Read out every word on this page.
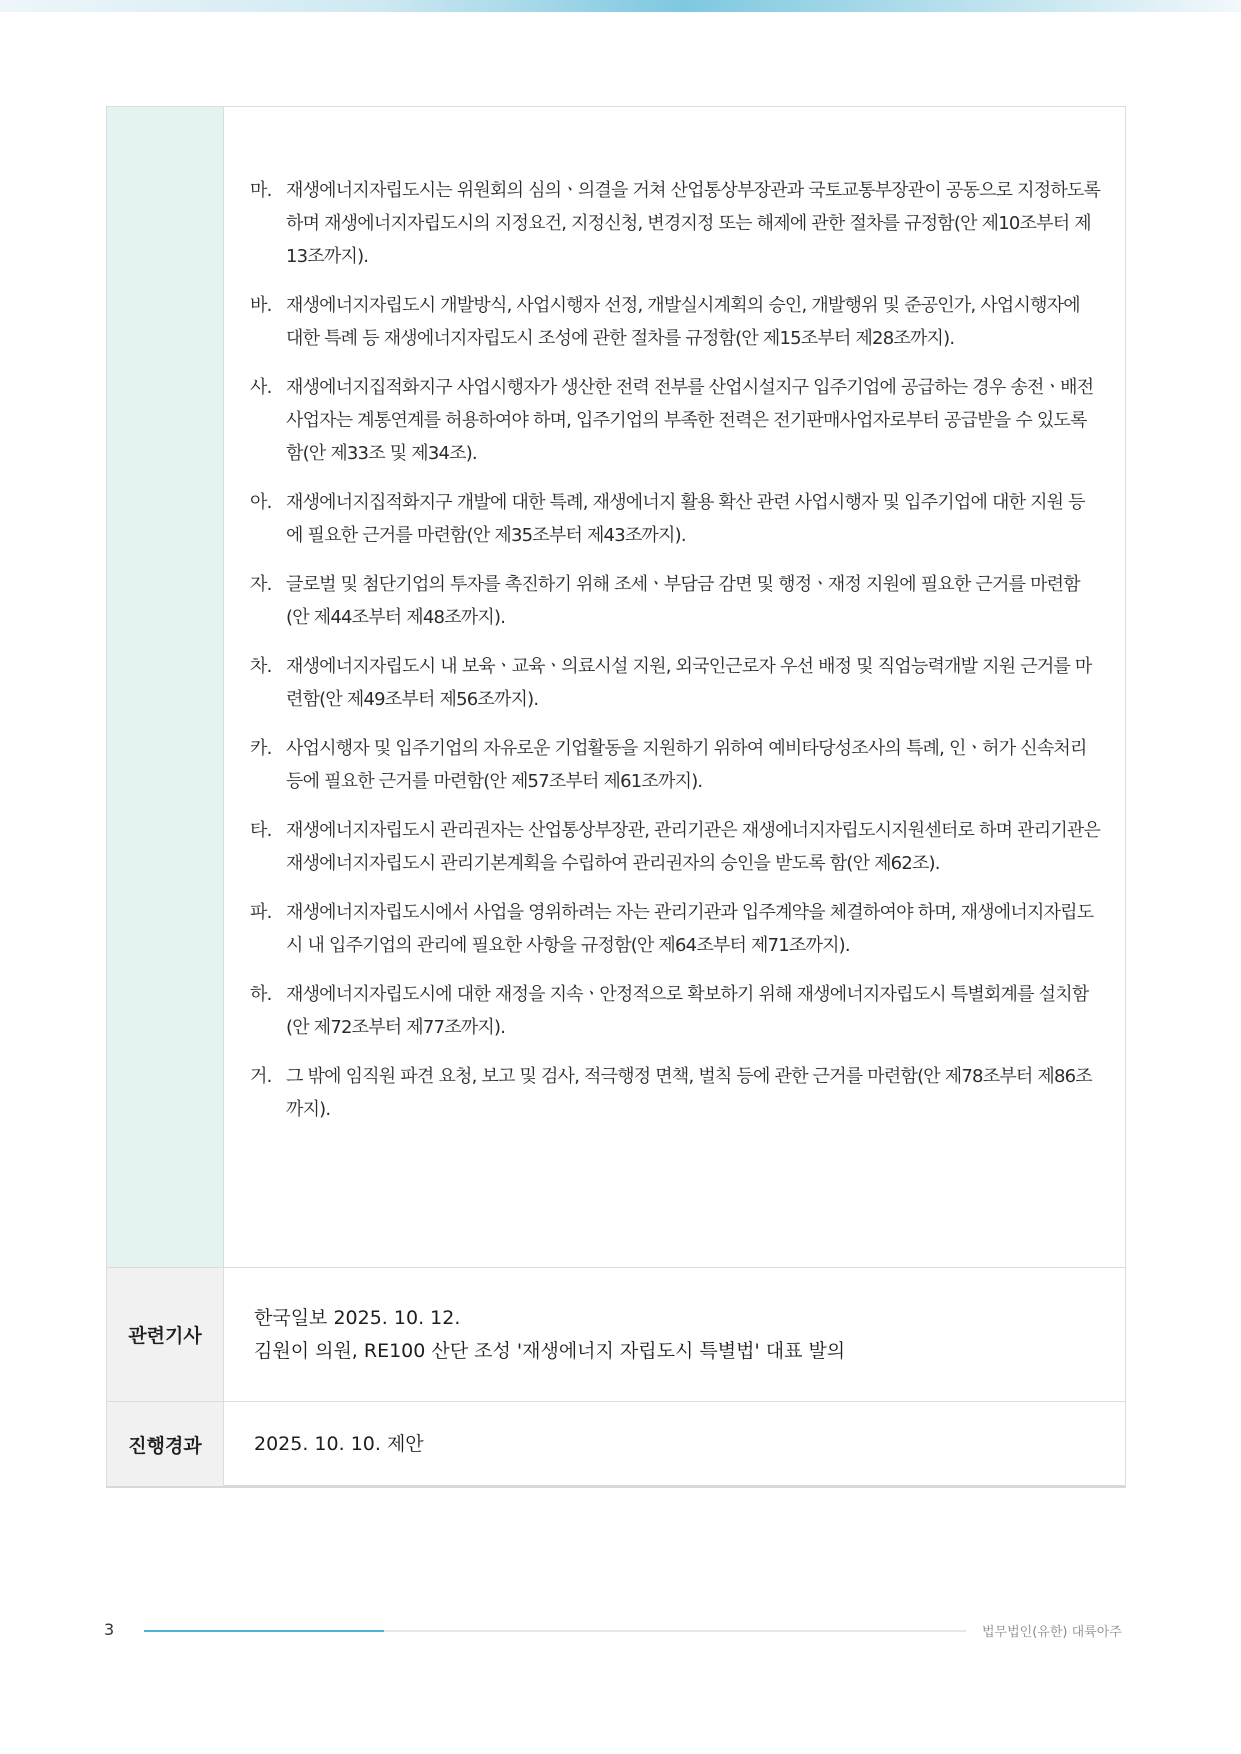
마. 재생에너지자립도시는 위원회의 심의ㆍ의결을 거쳐 산업통상부장관과 국토교통부장관이 공동으로 지정하도록 하며 재생에너지자립도시의 지정요건, 지정신청, 변경지정 또는 해제에 관한 절차를 규정함(안 제10조부터 제13조까지).
바. 재생에너지자립도시 개발방식, 사업시행자 선정, 개발실시계획의 승인, 개발행위 및 준공인가, 사업시행자에 대한 특례 등 재생에너지자립도시 조성에 관한 절차를 규정함(안 제15조부터 제28조까지).
사. 재생에너지집적화지구 사업시행자가 생산한 전력 전부를 산업시설지구 입주기업에 공급하는 경우 송전ㆍ배전사업자는 계통연계를 허용하여야 하며, 입주기업의 부족한 전력은 전기판매사업자로부터 공급받을 수 있도록 함(안 제33조 및 제34조).
아. 재생에너지집적화지구 개발에 대한 특례, 재생에너지 활용 확산 관련 사업시행자 및 입주기업에 대한 지원 등에 필요한 근거를 마련함(안 제35조부터 제43조까지).
자. 글로벌 및 첨단기업의 투자를 촉진하기 위해 조세ㆍ부담금 감면 및 행정ㆍ재정 지원에 필요한 근거를 마련함(안 제44조부터 제48조까지).
차. 재생에너지자립도시 내 보육ㆍ교육ㆍ의료시설 지원, 외국인근로자 우선 배정 및 직업능력개발 지원 근거를 마련함(안 제49조부터 제56조까지).
카. 사업시행자 및 입주기업의 자유로운 기업활동을 지원하기 위하여 예비타당성조사의 특례, 인ㆍ허가 신속처리 등에 필요한 근거를 마련함(안 제57조부터 제61조까지).
타. 재생에너지자립도시 관리권자는 산업통상부장관, 관리기관은 재생에너지자립도시지원센터로 하며 관리기관은 재생에너지자립도시 관리기본계획을 수립하여 관리권자의 승인을 받도록 함(안 제62조).
파. 재생에너지자립도시에서 사업을 영위하려는 자는 관리기관과 입주계약을 체결하여야 하며, 재생에너지자립도시 내 입주기업의 관리에 필요한 사항을 규정함(안 제64조부터 제71조까지).
하. 재생에너지자립도시에 대한 재정을 지속ㆍ안정적으로 확보하기 위해 재생에너지자립도시 특별회계를 설치함(안 제72조부터 제77조까지).
거. 그 밖에 임직원 파견 요청, 보고 및 검사, 적극행정 면책, 벌칙 등에 관한 근거를 마련함(안 제78조부터 제86조까지).
관련기사
한국일보 2025. 10. 12.
김원이 의원, RE100 산단 조성 '재생에너지 자립도시 특별법' 대표 발의
진행경과	2025. 10. 10. 제안
3	법무법인(유한) 대륙아주
